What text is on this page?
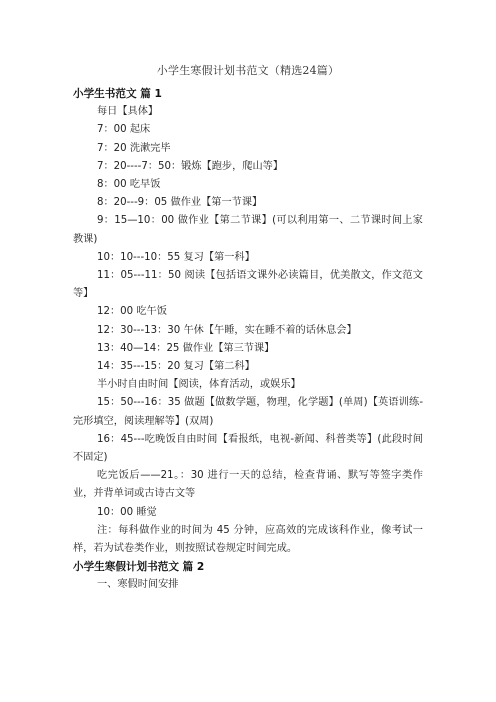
小学生寒假计划书范文（精选24篇）

小学生书范文 篇 1

每日【具体】

7：00 起床

7：20 洗漱完毕

7：20----7：50：锻炼【跑步，爬山等】

8：00 吃早饭

8：20---9：05 做作业【第一节课】

9：15—10：00 做作业【第二节课】(可以利用第一、二节课时间上家教课)

10：10---10：55 复习【第一科】

11：05---11：50 阅读【包括语文课外必读篇目，优美散文，作文范文等】

12：00 吃午饭

12：30---13：30 午休【午睡，实在睡不着的话休息会】

13：40—14：25 做作业【第三节课】

14：35---15：20 复习【第二科】

半小时自由时间【阅读，体育活动，或娱乐】

15：50---16：35 做题【做数学题，物理，化学题】(单周)【英语训练-完形填空，阅读理解等】(双周)

16：45---吃晚饭自由时间【看报纸，电视-新闻、科普类等】(此段时间不固定)

吃完饭后——21。：30 进行一天的总结，检查背诵、默写等签字类作业，并背单词或古诗古文等

10：00 睡觉

注：每科做作业的时间为 45 分钟，应高效的完成该科作业，像考试一样，若为试卷类作业，则按照试卷规定时间完成。

小学生寒假计划书范文 篇 2

一、寒假时间安排
